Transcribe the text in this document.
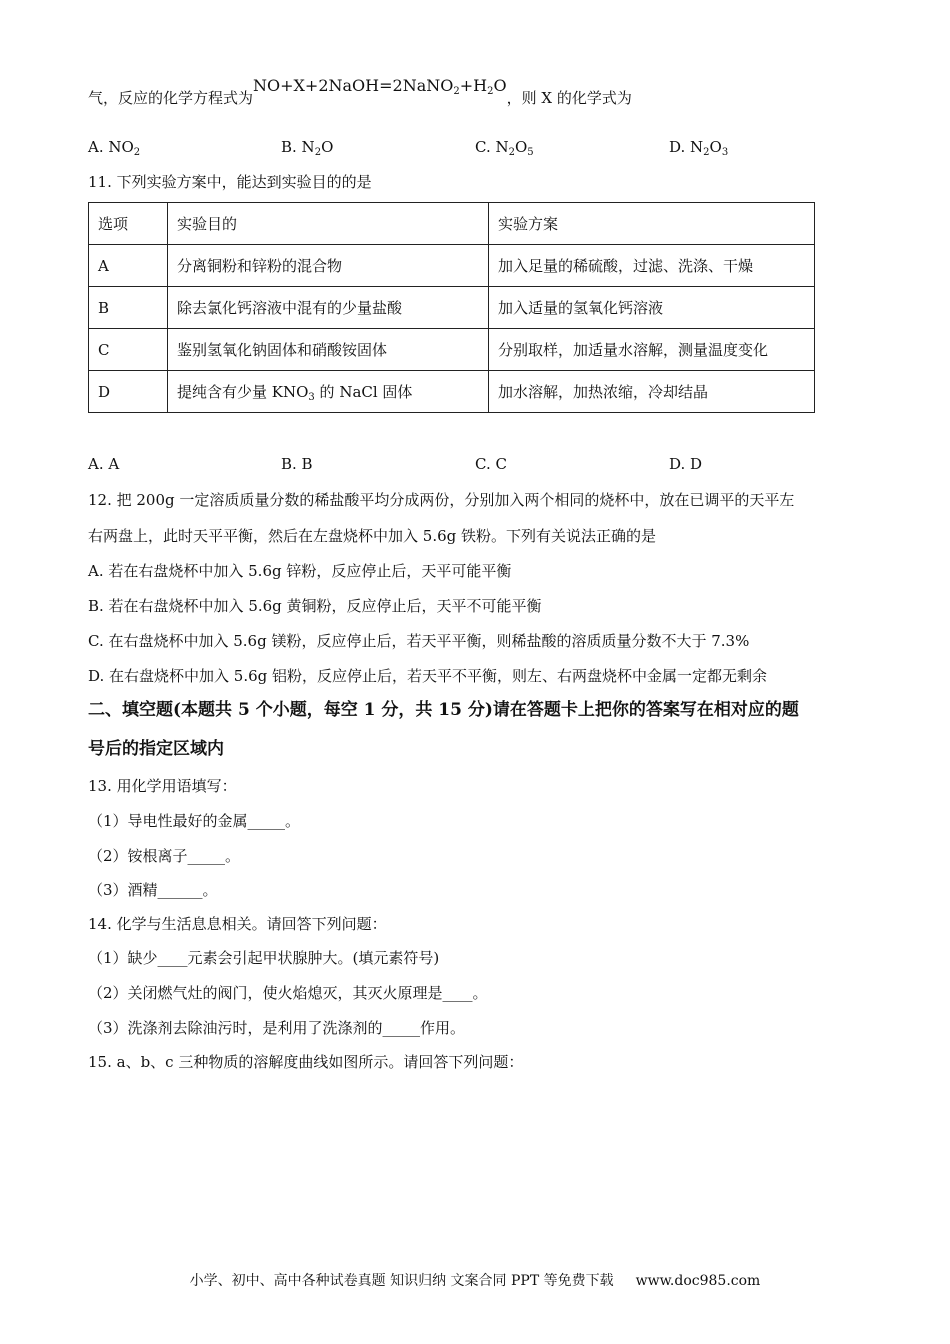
气，反应的化学方程式为$NO+X+2NaOH=2NaNO_2+H_2O$，则 X 的化学式为
A. $NO_2$	B. $N_2O$	C. $N_2O_5$	D. $N_2O_3$
11. 下列实验方案中，能达到实验目的的是
选项	实验目的	实验方案
A	分离铜粉和锌粉的混合物	加入足量的稀硫酸，过滤、洗涤、干燥
B	除去氯化钙溶液中混有的少量盐酸	加入适量的氢氧化钙溶液
C	鉴别氢氧化钠固体和硝酸铵固体	分别取样，加适量水溶解，测量温度变化
D	提纯含有少量 $KNO_3$ 的 NaCl 固体	加水溶解，加热浓缩，冷却结晶
A. A	B. B	C. C	D. D
12. 把 200g 一定溶质质量分数的稀盐酸平均分成两份，分别加入两个相同的烧杯中，放在已调平的天平左
右两盘上，此时天平平衡，然后在左盘烧杯中加入 5.6g 铁粉。下列有关说法正确的是
A. 若在右盘烧杯中加入 5.6g 锌粉，反应停止后，天平可能平衡
B. 若在右盘烧杯中加入 5.6g 黄铜粉，反应停止后，天平不可能平衡
C. 在右盘烧杯中加入 5.6g 镁粉，反应停止后，若天平平衡，则稀盐酸的溶质质量分数不大于 7.3%
D. 在右盘烧杯中加入 5.6g 铝粉，反应停止后，若天平不平衡，则左、右两盘烧杯中金属一定都无剩余
二、填空题(本题共 5 个小题，每空 1 分，共 15 分)请在答题卡上把你的答案写在相对应的题
号后的指定区域内
13. 用化学用语填写：
（1）导电性最好的金属_____。
（2）铵根离子_____。
（3）酒精______。
14. 化学与生活息息相关。请回答下列问题：
（1）缺少____元素会引起甲状腺肿大。(填元素符号)
（2）关闭燃气灶的阀门，使火焰熄灭，其灭火原理是____。
（3）洗涤剂去除油污时，是利用了洗涤剂的_____作用。
15. a、b、c 三种物质的溶解度曲线如图所示。请回答下列问题：
小学、初中、高中各种试卷真题 知识归纳 文案合同 PPT 等免费下载 www.doc985.com
